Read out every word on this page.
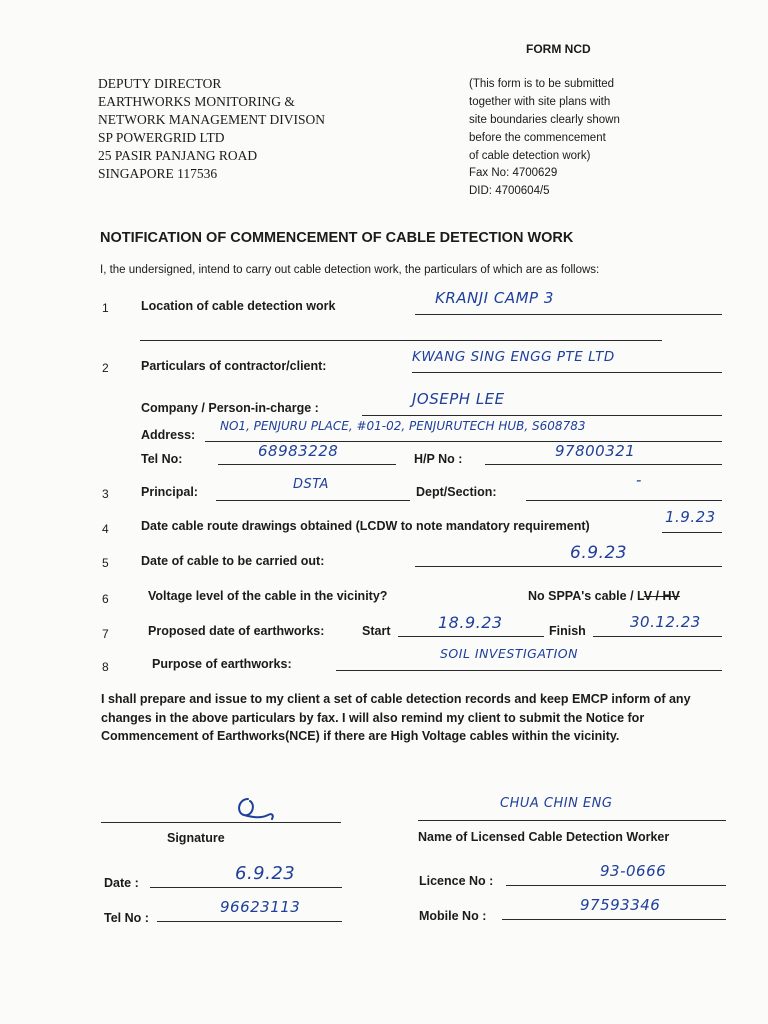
FORM NCD
DEPUTY DIRECTOR
EARTHWORKS MONITORING &
NETWORK MANAGEMENT DIVISON
SP POWERGRID LTD
25 PASIR PANJANG ROAD
SINGAPORE 117536
(This form is to be submitted
together with site plans with
site boundaries clearly shown
before the commencement
of cable detection work)
Fax No: 4700629
DID: 4700604/5
NOTIFICATION OF COMMENCEMENT OF CABLE DETECTION WORK
I, the undersigned, intend to carry out cable detection work, the particulars of which are as follows:
1	Location of cable detection work	KRANJI CAMP 3
2	Particulars of contractor/client:
KWANG SING ENGG PTE LTD
Company / Person-in-charge :	JOSEPH LEE
Address:
NO1, PENJURU PLACE, #01-02, PENJURUTECH HUB, S608783
Tel No:	68983228	H/P No :	97800321
3	Principal:	DSTA	Dept/Section:
-
4	Date cable route drawings obtained (LCDW to note mandatory requirement)	1.9.23
5	Date of cable to be carried out:	6.9.23
6	Voltage level of the cable in the vicinity?	No SPPA's cable / LV / HV
7	Proposed date of earthworks:	Start	18.9.23	Finish	30.12.23
8	Purpose of earthworks:
SOIL INVESTIGATION
I shall prepare and issue to my client a set of cable detection records and keep EMCP inform of any changes in the above particulars by fax. I will also remind my client to submit the Notice for Commencement of Earthworks(NCE) if there are High Voltage cables within the vicinity.
Signature
CHUA CHIN ENG
Name of Licensed Cable Detection Worker
Date :	6.9.23	Licence No :
93-0666
Tel No :
96623113	Mobile No :
97593346
